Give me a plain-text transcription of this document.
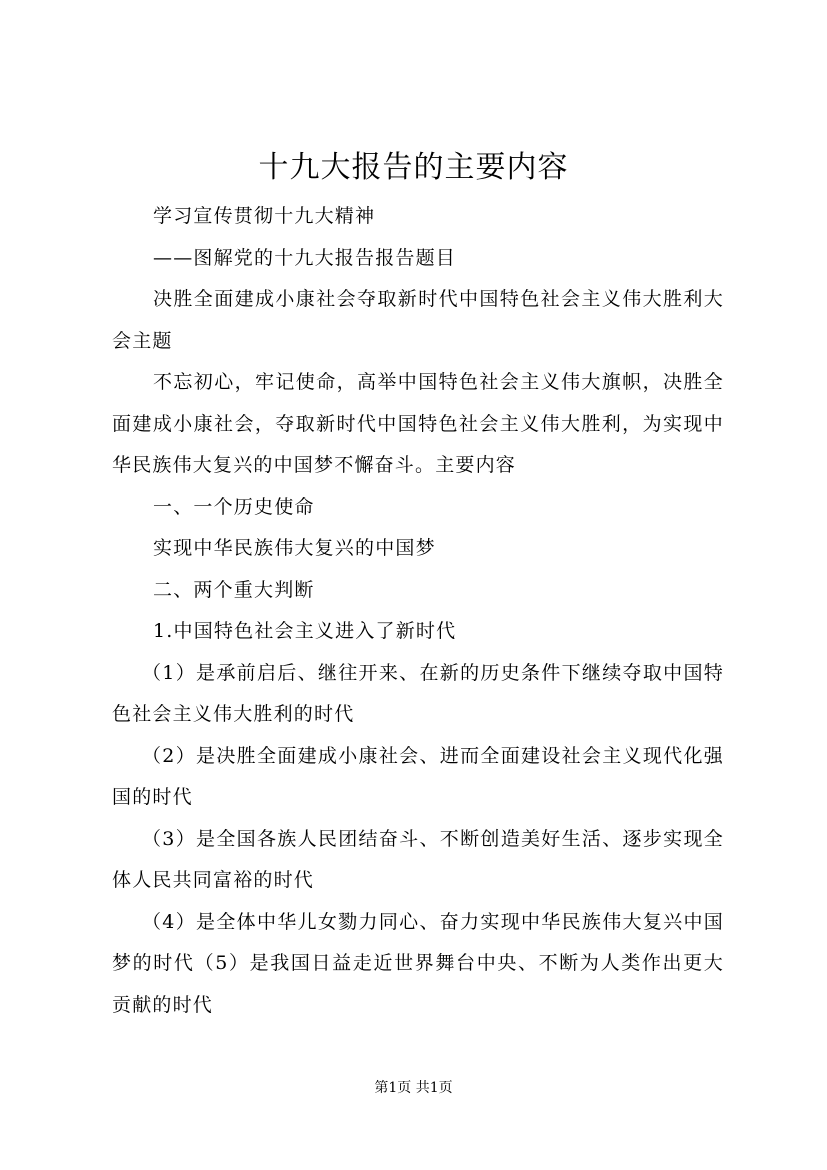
十九大报告的主要内容

学习宣传贯彻十九大精神

——图解党的十九大报告报告题目

决胜全面建成小康社会夺取新时代中国特色社会主义伟大胜利大会主题

不忘初心，牢记使命，高举中国特色社会主义伟大旗帜，决胜全面建成小康社会，夺取新时代中国特色社会主义伟大胜利，为实现中华民族伟大复兴的中国梦不懈奋斗。主要内容

一、一个历史使命

实现中华民族伟大复兴的中国梦

二、两个重大判断

1.中国特色社会主义进入了新时代

（1）是承前启后、继往开来、在新的历史条件下继续夺取中国特色社会主义伟大胜利的时代

（2）是决胜全面建成小康社会、进而全面建设社会主义现代化强国的时代

（3）是全国各族人民团结奋斗、不断创造美好生活、逐步实现全体人民共同富裕的时代

（4）是全体中华儿女勠力同心、奋力实现中华民族伟大复兴中国梦的时代（5）是我国日益走近世界舞台中央、不断为人类作出更大贡献的时代

第1页 共1页
